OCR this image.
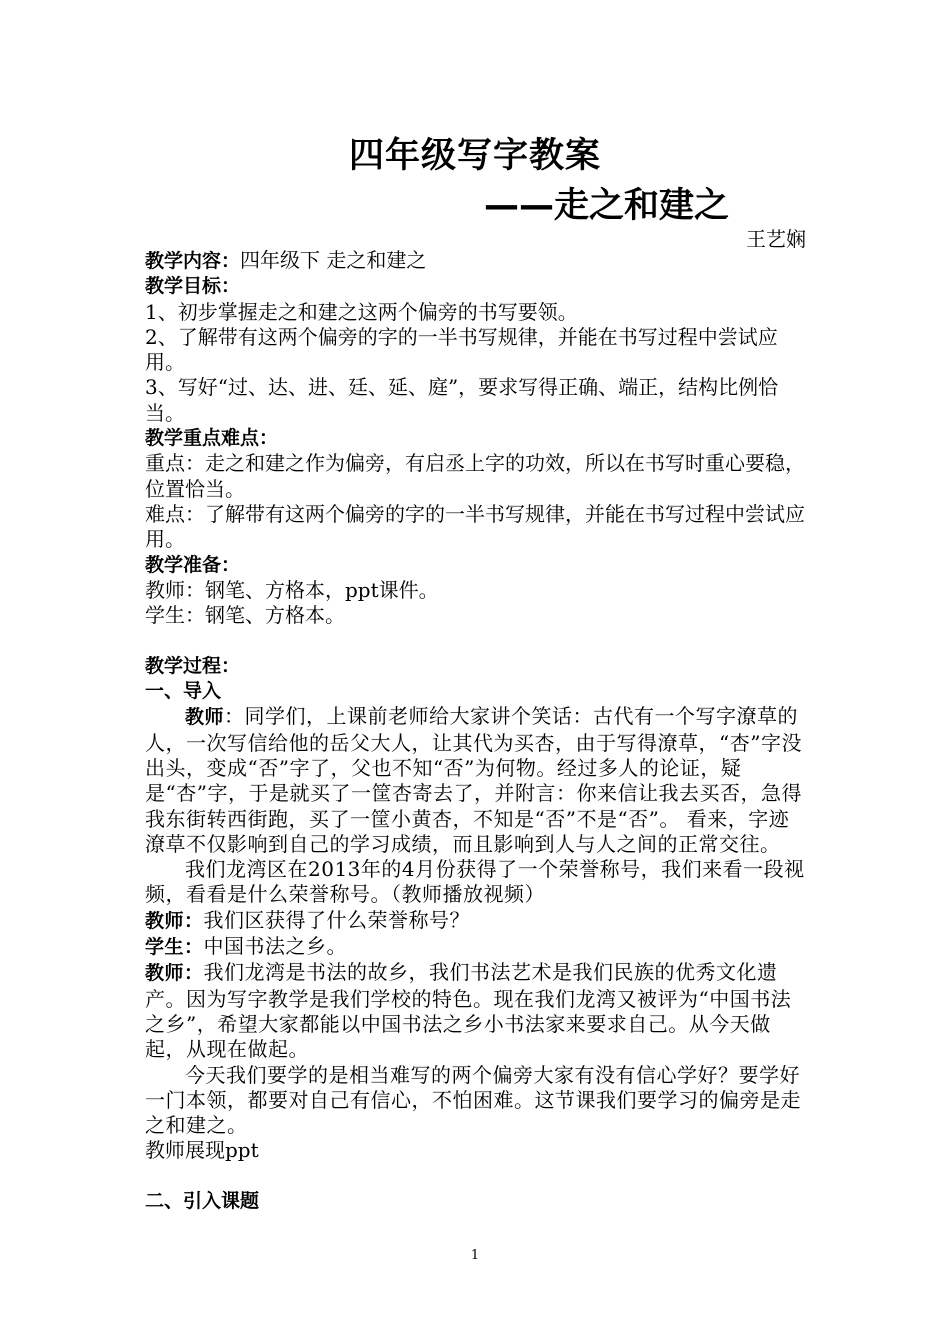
四年级写字教案
——走之和建之
王艺娴

教学内容：四年级下 走之和建之

教学目标：

1、初步掌握走之和建之这两个偏旁的书写要领。

2、了解带有这两个偏旁的字的一半书写规律，并能在书写过程中尝试应用。

3、写好“过、达、进、廷、延、庭”，要求写得正确、端正，结构比例恰当。

教学重点难点：

重点：走之和建之作为偏旁，有启丞上字的功效，所以在书写时重心要稳，位置恰当。

难点：了解带有这两个偏旁的字的一半书写规律，并能在书写过程中尝试应用。

教学准备：

教师：钢笔、方格本，ppt课件。

学生：钢笔、方格本。

教学过程：

一、导入

教师：同学们，上课前老师给大家讲个笑话：古代有一个写字潦草的人，一次写信给他的岳父大人，让其代为买杏，由于写得潦草，“杏”字没出头，变成“否”字了，父也不知“否”为何物。经过多人的论证，疑是“杏”字，于是就买了一筐杏寄去了，并附言：你来信让我去买否，急得我东街转西街跑，买了一筐小黄杏，不知是“否”不是“否”。 看来，字迹潦草不仅影响到自己的学习成绩，而且影响到人与人之间的正常交往。

我们龙湾区在2013年的4月份获得了一个荣誉称号，我们来看一段视频，看看是什么荣誉称号。（教师播放视频）

教师：我们区获得了什么荣誉称号？

学生：中国书法之乡。

教师：我们龙湾是书法的故乡，我们书法艺术是我们民族的优秀文化遗产。因为写字教学是我们学校的特色。现在我们龙湾又被评为“中国书法之乡”，希望大家都能以中国书法之乡小书法家来要求自己。从今天做起，从现在做起。

今天我们要学的是相当难写的两个偏旁大家有没有信心学好？要学好一门本领，都要对自己有信心，不怕困难。这节课我们要学习的偏旁是走之和建之。

教师展现ppt

二、引入课题

1
